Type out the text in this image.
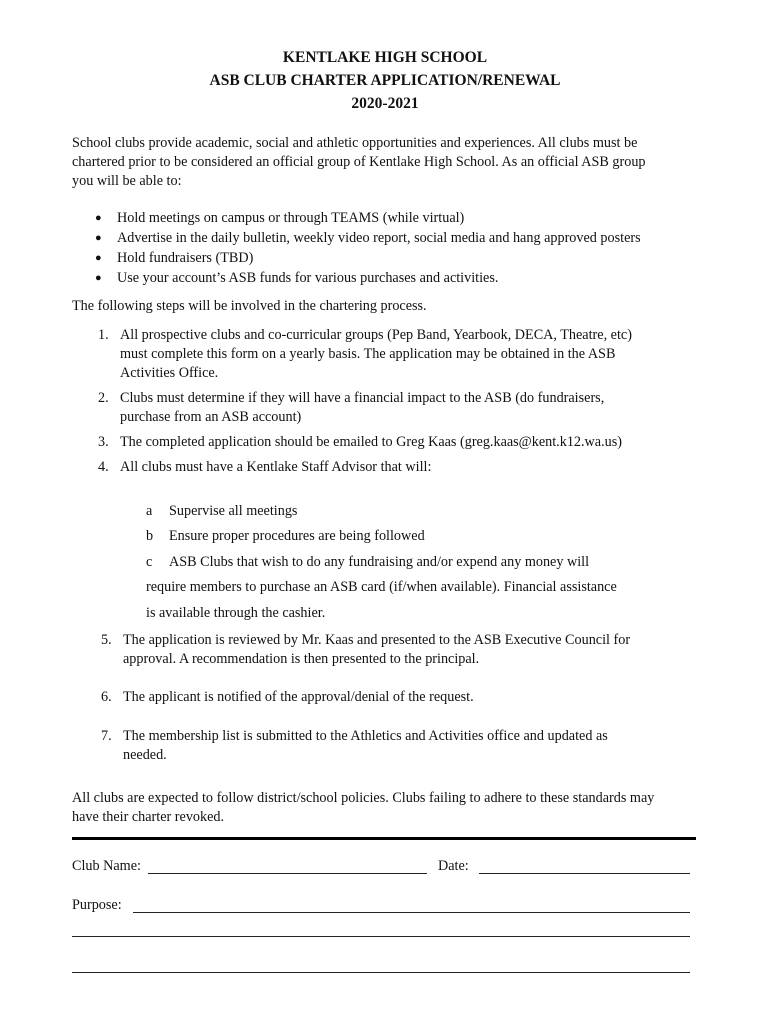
KENTLAKE HIGH SCHOOL
ASB CLUB CHARTER APPLICATION/RENEWAL
2020-2021
School clubs provide academic, social and athletic opportunities and experiences. All clubs must be
chartered prior to be considered an official group of Kentlake High School. As an official ASB group
you will be able to:
● Hold meetings on campus or through TEAMS (while virtual)
● Advertise in the daily bulletin, weekly video report, social media and hang approved posters
● Hold fundraisers (TBD)
● Use your account’s ASB funds for various purchases and activities.
The following steps will be involved in the chartering process.
1. All prospective clubs and co-curricular groups (Pep Band, Yearbook, DECA, Theatre, etc)
must complete this form on a yearly basis. The application may be obtained in the ASB
Activities Office.
2. Clubs must determine if they will have a financial impact to the ASB (do fundraisers,
purchase from an ASB account)
3. The completed application should be emailed to Greg Kaas (greg.kaas@kent.k12.wa.us)
4. All clubs must have a Kentlake Staff Advisor that will:
a Supervise all meetings
b Ensure proper procedures are being followed
c ASB Clubs that wish to do any fundraising and/or expend any money will
require members to purchase an ASB card (if/when available). Financial assistance
is available through the cashier.
5. The application is reviewed by Mr. Kaas and presented to the ASB Executive Council for
approval. A recommendation is then presented to the principal.
6. The applicant is notified of the approval/denial of the request.
7. The membership list is submitted to the Athletics and Activities office and updated as
needed.
All clubs are expected to follow district/school policies. Clubs failing to adhere to these standards may
have their charter revoked.
Club Name:	Date:
Purpose:
